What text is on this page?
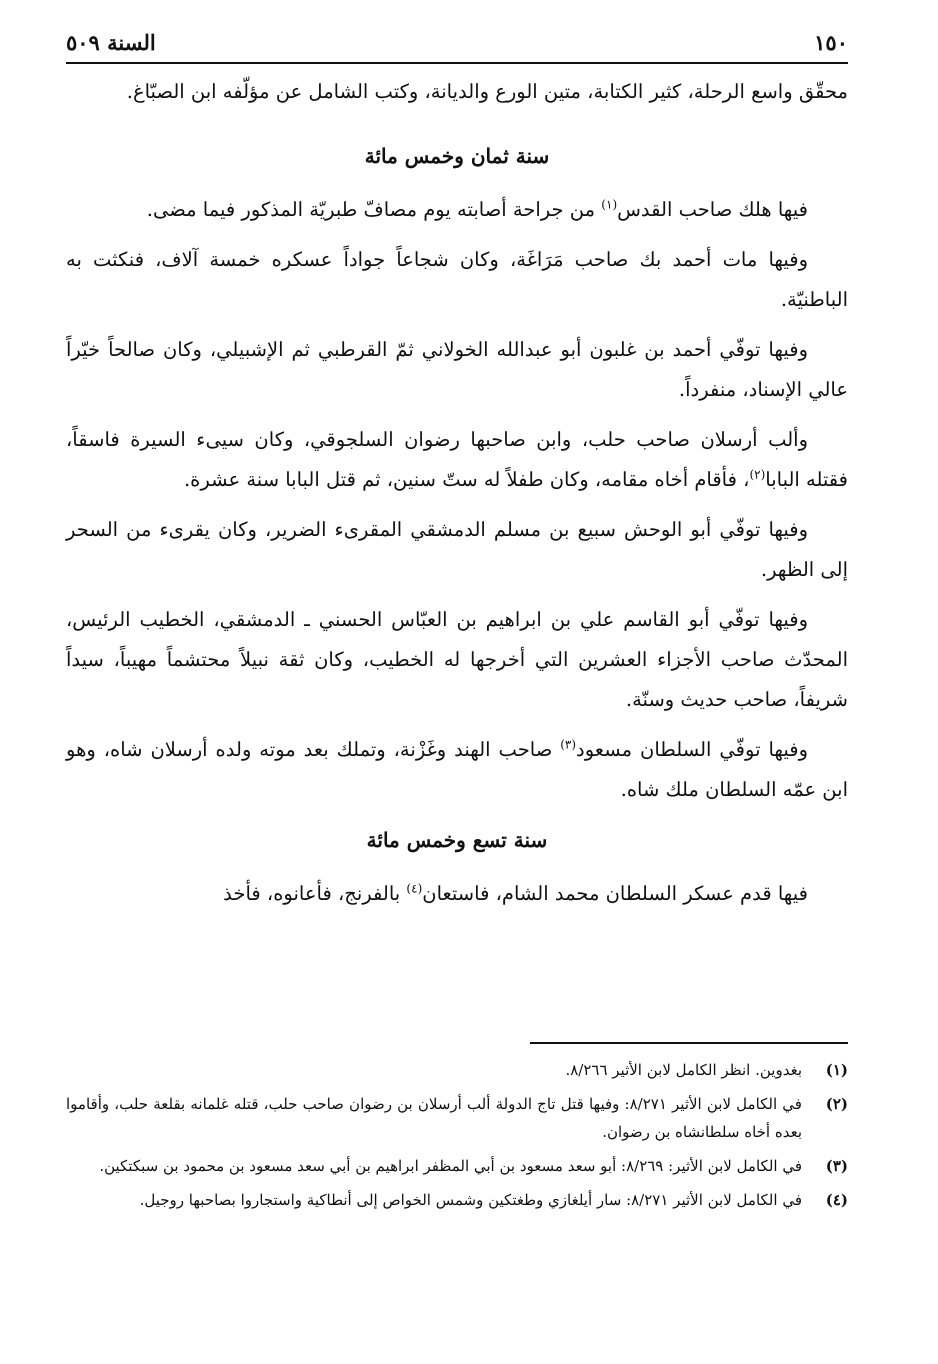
١٥٠
السنة ٥٠٩

محقّق واسع الرحلة، كثير الكتابة، متين الورع والديانة، وكتب الشامل عن مؤلّفه ابن الصبّاغ.

سنة ثمان وخمس مائة

فيها هلك صاحب القدس$^{(١)}$ من جراحة أصابته يوم مصافّ طبريّة المذكور فيما مضى.

وفيها مات أحمد بك صاحب مَرَاغَة، وكان شجاعاً جواداً عسكره خمسة آلاف، فنكثت به الباطنيّة.

وفيها توفّي أحمد بن غلبون أبو عبدالله الخولاني ثمّ القرطبي ثم الإشبيلي، وكان صالحاً خيّراً عالي الإسناد، منفرداً.

وألب أرسلان صاحب حلب، وابن صاحبها رضوان السلجوقي، وكان سيىء السيرة فاسقاً، فقتله البابا$^{(٢)}$، فأقام أخاه مقامه، وكان طفلاً له ستّ سنين، ثم قتل البابا سنة عشرة.

وفيها توفّي أبو الوحش سبيع بن مسلم الدمشقي المقرىء الضرير، وكان يقرىء من السحر إلى الظهر.

وفيها توفّي أبو القاسم علي بن ابراهيم بن العبّاس الحسني ـ الدمشقي، الخطيب الرئيس، المحدّث صاحب الأجزاء العشرين التي أخرجها له الخطيب، وكان ثقة نبيلاً محتشماً مهيباً، سيداً شريفاً، صاحب حديث وسنّة.

وفيها توفّي السلطان مسعود$^{(٣)}$ صاحب الهند وغَزْنة، وتملك بعد موته ولده أرسلان شاه، وهو ابن عمّه السلطان ملك شاه.

سنة تسع وخمس مائة

فيها قدم عسكر السلطان محمد الشام، فاستعان$^{(٤)}$ بالفرنج، فأعانوه، فأخذ

(١)
بغدوين. انظر الكامل لابن الأثير ٨/٢٦٦.
(٢)
في الكامل لابن الأثير ٨/٢٧١: وفيها قتل تاج الدولة ألب أرسلان بن رضوان صاحب حلب، قتله غلمانه بقلعة حلب، وأقاموا بعده أخاه سلطانشاه بن رضوان.
(٣)
في الكامل لابن الأثير: ٨/٢٦٩: أبو سعد مسعود بن أبي المظفر ابراهيم بن أبي سعد مسعود بن محمود بن سبكتكين.
(٤)
في الكامل لابن الأثير ٨/٢٧١: سار أيلغازي وطغتكين وشمس الخواص إلى أنطاكية واستجاروا بصاحبها روجيل.
